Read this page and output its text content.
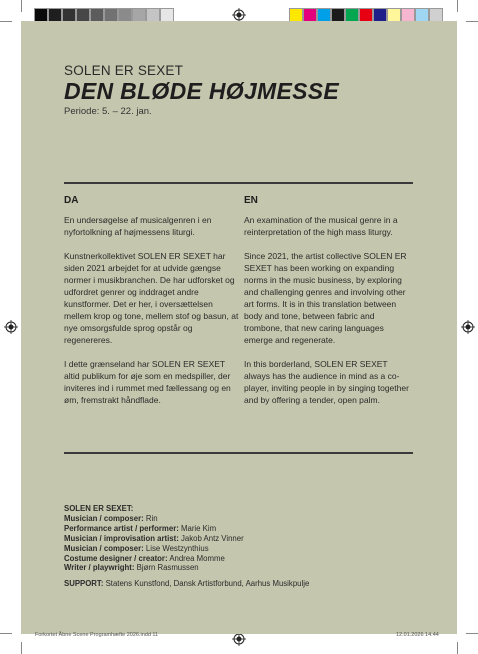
SOLEN ER SEXET
DEN BLØDE HØJMESSE
Periode: 5. – 22. jan.
DA

En undersøgelse af musicalgenren i en nyfortolkning af højmessens liturgi.

Kunstnerkollektivet SOLEN ER SEXET har siden 2021 arbejdet for at udvide gængse normer i musikbranchen. De har udforsket og udfordret genrer og inddraget andre kunstformer. Det er her, i oversættelsen mellem krop og tone, mellem stof og basun, at nye omsorgsfulde sprog opstår og regenereres.

I dette grænseland har SOLEN ER SEXET altid publikum for øje som en medspiller, der inviteres ind i rummet med fællessang og en øm, fremstrakt håndflade.

EN

An examination of the musical genre in a reinterpretation of the high mass liturgy.

Since 2021, the artist collective SOLEN ER SEXET has been working on expanding norms in the music business, by exploring and challenging genres and involving other art forms. It is in this translation between body and tone, between fabric and trombone, that new caring languages emerge and regenerate.

In this borderland, SOLEN ER SEXET always has the audience in mind as a co-player, inviting people in by singing together and by offering a tender, open palm.

SOLEN ER SEXET:
Musician / composer: Rin
Performance artist / performer: Marie Kim
Musician / improvisation artist: Jakob Antz Vinner
Musician / composer: Lise Westzynthius
Costume designer / creator: Andrea Momme
Writer / playwright: Bjørn Rasmussen
SUPPORT: Statens Kunstfond, Dansk Artistforbund, Aarhus Musikpulje
Forkortet Åbne Scene Programhæfte 2026.indd 11	12.01.2026 14.44
